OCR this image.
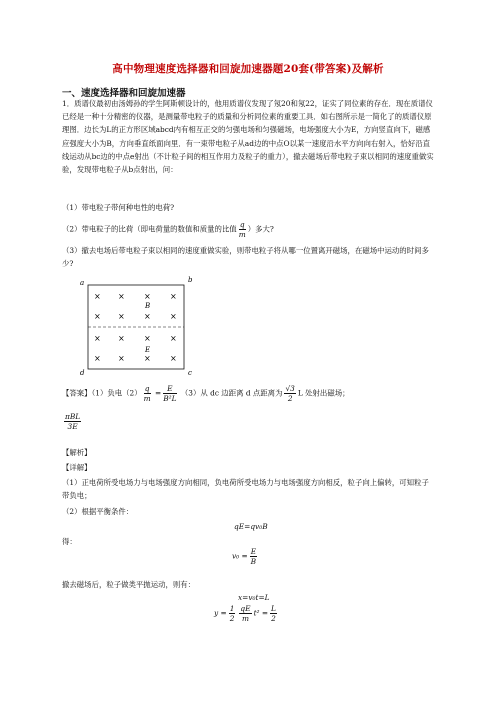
高中物理速度选择器和回旋加速器题20套(带答案)及解析
一、速度选择器和回旋加速器
1．质谱仪最初由汤姆孙的学生阿斯顿设计的，他用质谱仪发现了氖20和氖22，证实了同位素的存在．现在质谱仪已经是一种十分精密的仪器，是测量带电粒子的质量和分析同位素的重要工具．如右图所示是一简化了的质谱仪原理图．边长为L的正方形区域abcd内有相互正交的匀强电场和匀强磁场，电场强度大小为E，方向竖直向下，磁感应强度大小为B，方向垂直纸面向里．有一束带电粒子从ad边的中点O以某一速度沿水平方向向右射入，恰好沿直线运动从bc边的中点e射出（不计粒子间的相互作用力及粒子的重力），撤去磁场后带电粒子束以相同的速度重做实验，发现带电粒子从b点射出，问：
（1）带电粒子带何种电性的电荷?
（2）带电粒子的比荷（即电荷量的数值和质量的比值 $\frac{q}{m}$ ）多大?
（3）撤去电场后带电粒子束以相同的速度重做实验，则带电粒子将从哪一位置离开磁场，在磁场中运动的时间多少?
a	b
d	c
× × × ×
× × × ×
× × × ×
× × × ×
B
E
【答案】（1）负电$(2) \frac{q}{m} = \frac{E}{\text{B²L}} (3)$从 dc 边距离 d 点距离为 $\frac{√3}{2}$ L 处射出磁场；
$\frac{\text{πBL}}{3E}$
【解析】
【详解】
（1）正电荷所受电场力与电场强度方向相同，负电荷所受电场力与电场强度方向相反，粒子向上偏转，可知粒子带负电；
（2）根据平衡条件：
qE=qv₀B
得：
$v_0 = \frac{E}{B}$
撤去磁场后，粒子做类平抛运动，则有：
x=v₀t=L
$y = \frac{1}{2} \frac{qE}{m} t^2 = \frac{L}{2}$
